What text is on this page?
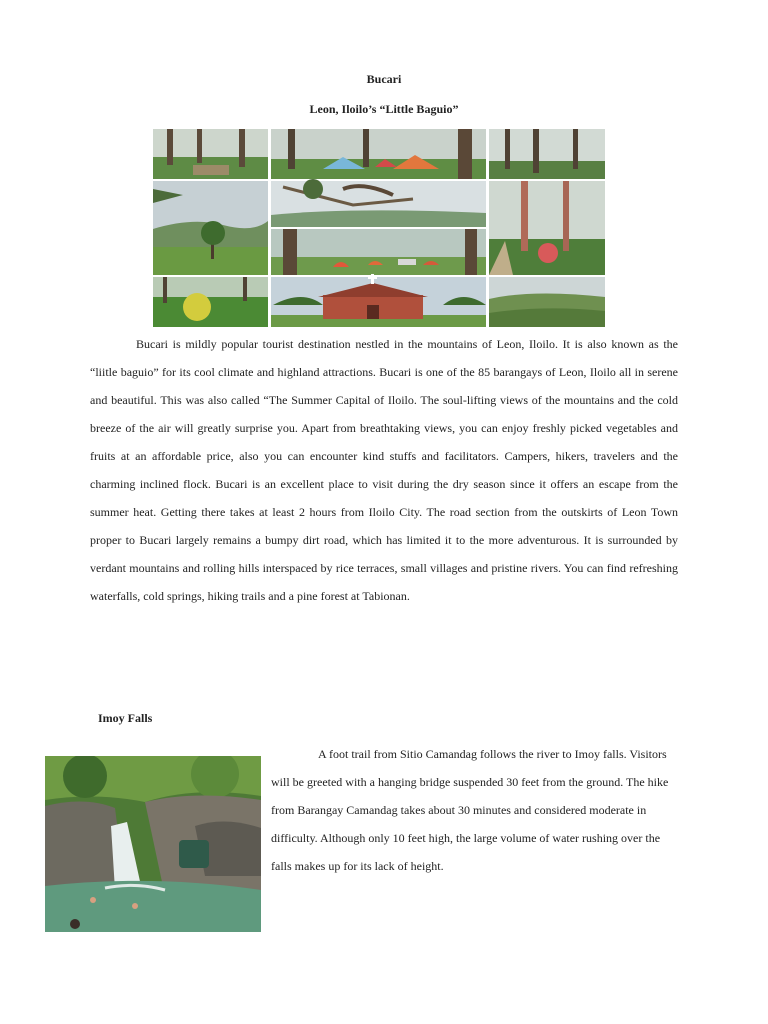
Bucari
Leon, Iloilo’s “Little Baguio”

Bucari is mildly popular tourist destination nestled in the mountains of Leon, Iloilo. It is also known as the “liitle baguio” for its cool climate and highland attractions. Bucari is one of the 85 barangays of Leon, Iloilo all in serene and beautiful. This was also called “The Summer Capital of Iloilo. The soul-lifting views of the mountains and the cold breeze of the air will greatly surprise you. Apart from breathtaking views, you can enjoy freshly picked vegetables and fruits at an affordable price, also you can encounter kind stuffs and facilitators. Campers, hikers, travelers and the charming inclined flock. Bucari is an excellent place to visit during the dry season since it offers an escape from the summer heat. Getting there takes at least 2 hours from Iloilo City. The road section from the outskirts of Leon Town proper to Bucari largely remains a bumpy dirt road, which has limited it to the more adventurous. It is surrounded by verdant mountains and rolling hills interspaced by rice terraces, small villages and pristine rivers. You can find refreshing waterfalls, cold springs, hiking trails and a pine forest at Tabionan.

Imoy Falls

A foot trail from Sitio Camandag follows the river to Imoy falls. Visitors will be greeted with a hanging bridge suspended 30 feet from the ground. The hike from Barangay Camandag takes about 30 minutes and considered moderate in difficulty. Although only 10 feet high, the large volume of water rushing over the falls makes up for its lack of height.
